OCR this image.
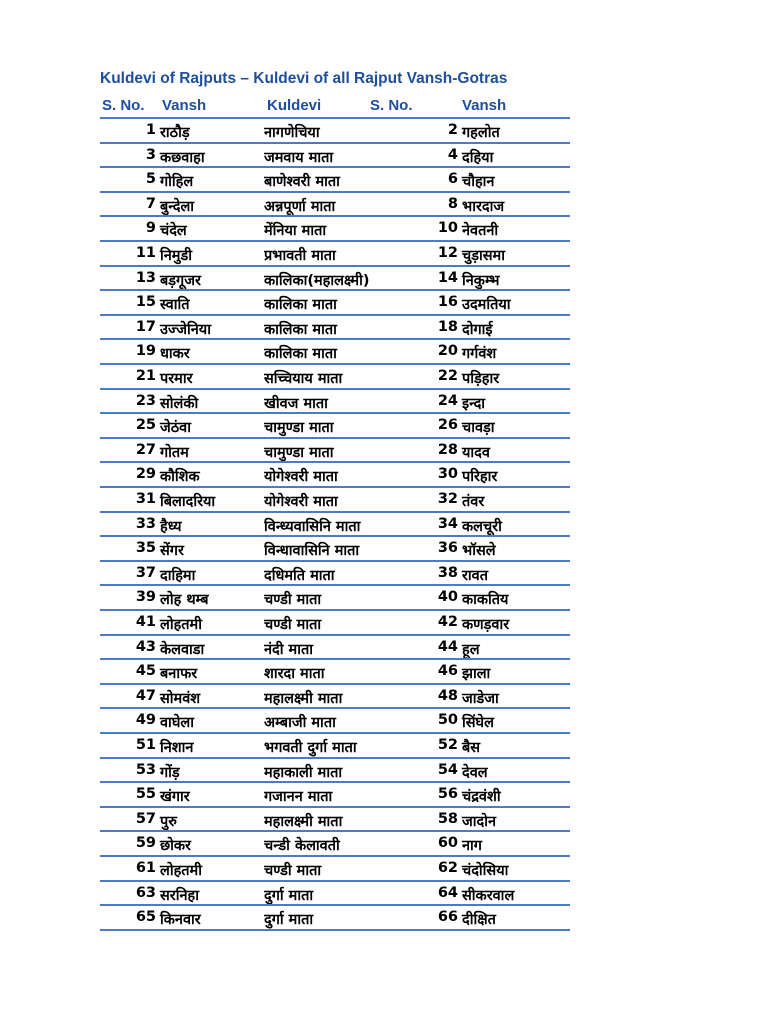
Kuldevi of Rajputs – Kuldevi of all Rajput Vansh-Gotras
S. No. Vansh	Kuldevi	S. No.	Vansh
1 राठौड़	नागणेचिया	2 गहलोत
3 कछवाहा	जमवाय माता	4 दहिया
5 गोहिल	बाणेश्वरी माता	6 चौहान
7 बुन्देला	अन्नपूर्णा माता	8 भारदाज
9 चंदेल	मेंनिया माता	10 नेवतनी
11 निमुडी	प्रभावती माता	12 चुड़ासमा
13 बड़गूजर	कालिका(महालक्ष्मी)	14 निकुम्भ
15 स्वाति	कालिका माता	16 उदमतिया
17 उज्जेनिया	कालिका माता	18 दोगाई
19 धाकर	कालिका माता	20 गर्गवंश
21 परमार	सच्चियाय माता	22 पड़िहार
23 सोलंकी	खीवज माता	24 इन्दा
25 जेठंवा	चामुण्डा माता	26 चावड़ा
27 गोतम	चामुण्डा माता	28 यादव
29 कौशिक	योगेश्वरी माता	30 परिहार
31 बिलादरिया	योगेश्वरी माता	32 तंवर
33 हैध्य	विन्ध्यवासिनि माता	34 कलचूरी
35 सेंगर	विन्धावासिनि माता	36 भॉसले
37 दाहिमा	दधिमति माता	38 रावत
39 लोह थम्ब	चण्डी माता	40 काकतिय
41 लोहतमी	चण्डी माता	42 कणड़वार
43 केलवाडा	नंदी माता	44 हूल
45 बनाफर	शारदा माता	46 झाला
47 सोमवंश	महालक्ष्मी माता	48 जाडेजा
49 वाघेला	अम्बाजी माता	50 सिंघेल
51 निशान	भगवती दुर्गा माता	52 बैस
53 गोंड़	महाकाली माता	54 देवल
55 खंगार	गजानन माता	56 चंद्रवंशी
57 पुरु	महालक्ष्मी माता	58 जादोन
59 छोकर	चन्डी केलावती	60 नाग
61 लोहतमी	चण्डी माता	62 चंदोसिया
63 सरनिहा	दुर्गा माता	64 सीकरवाल
65 किनवार	दुर्गा माता	66 दीक्षित
